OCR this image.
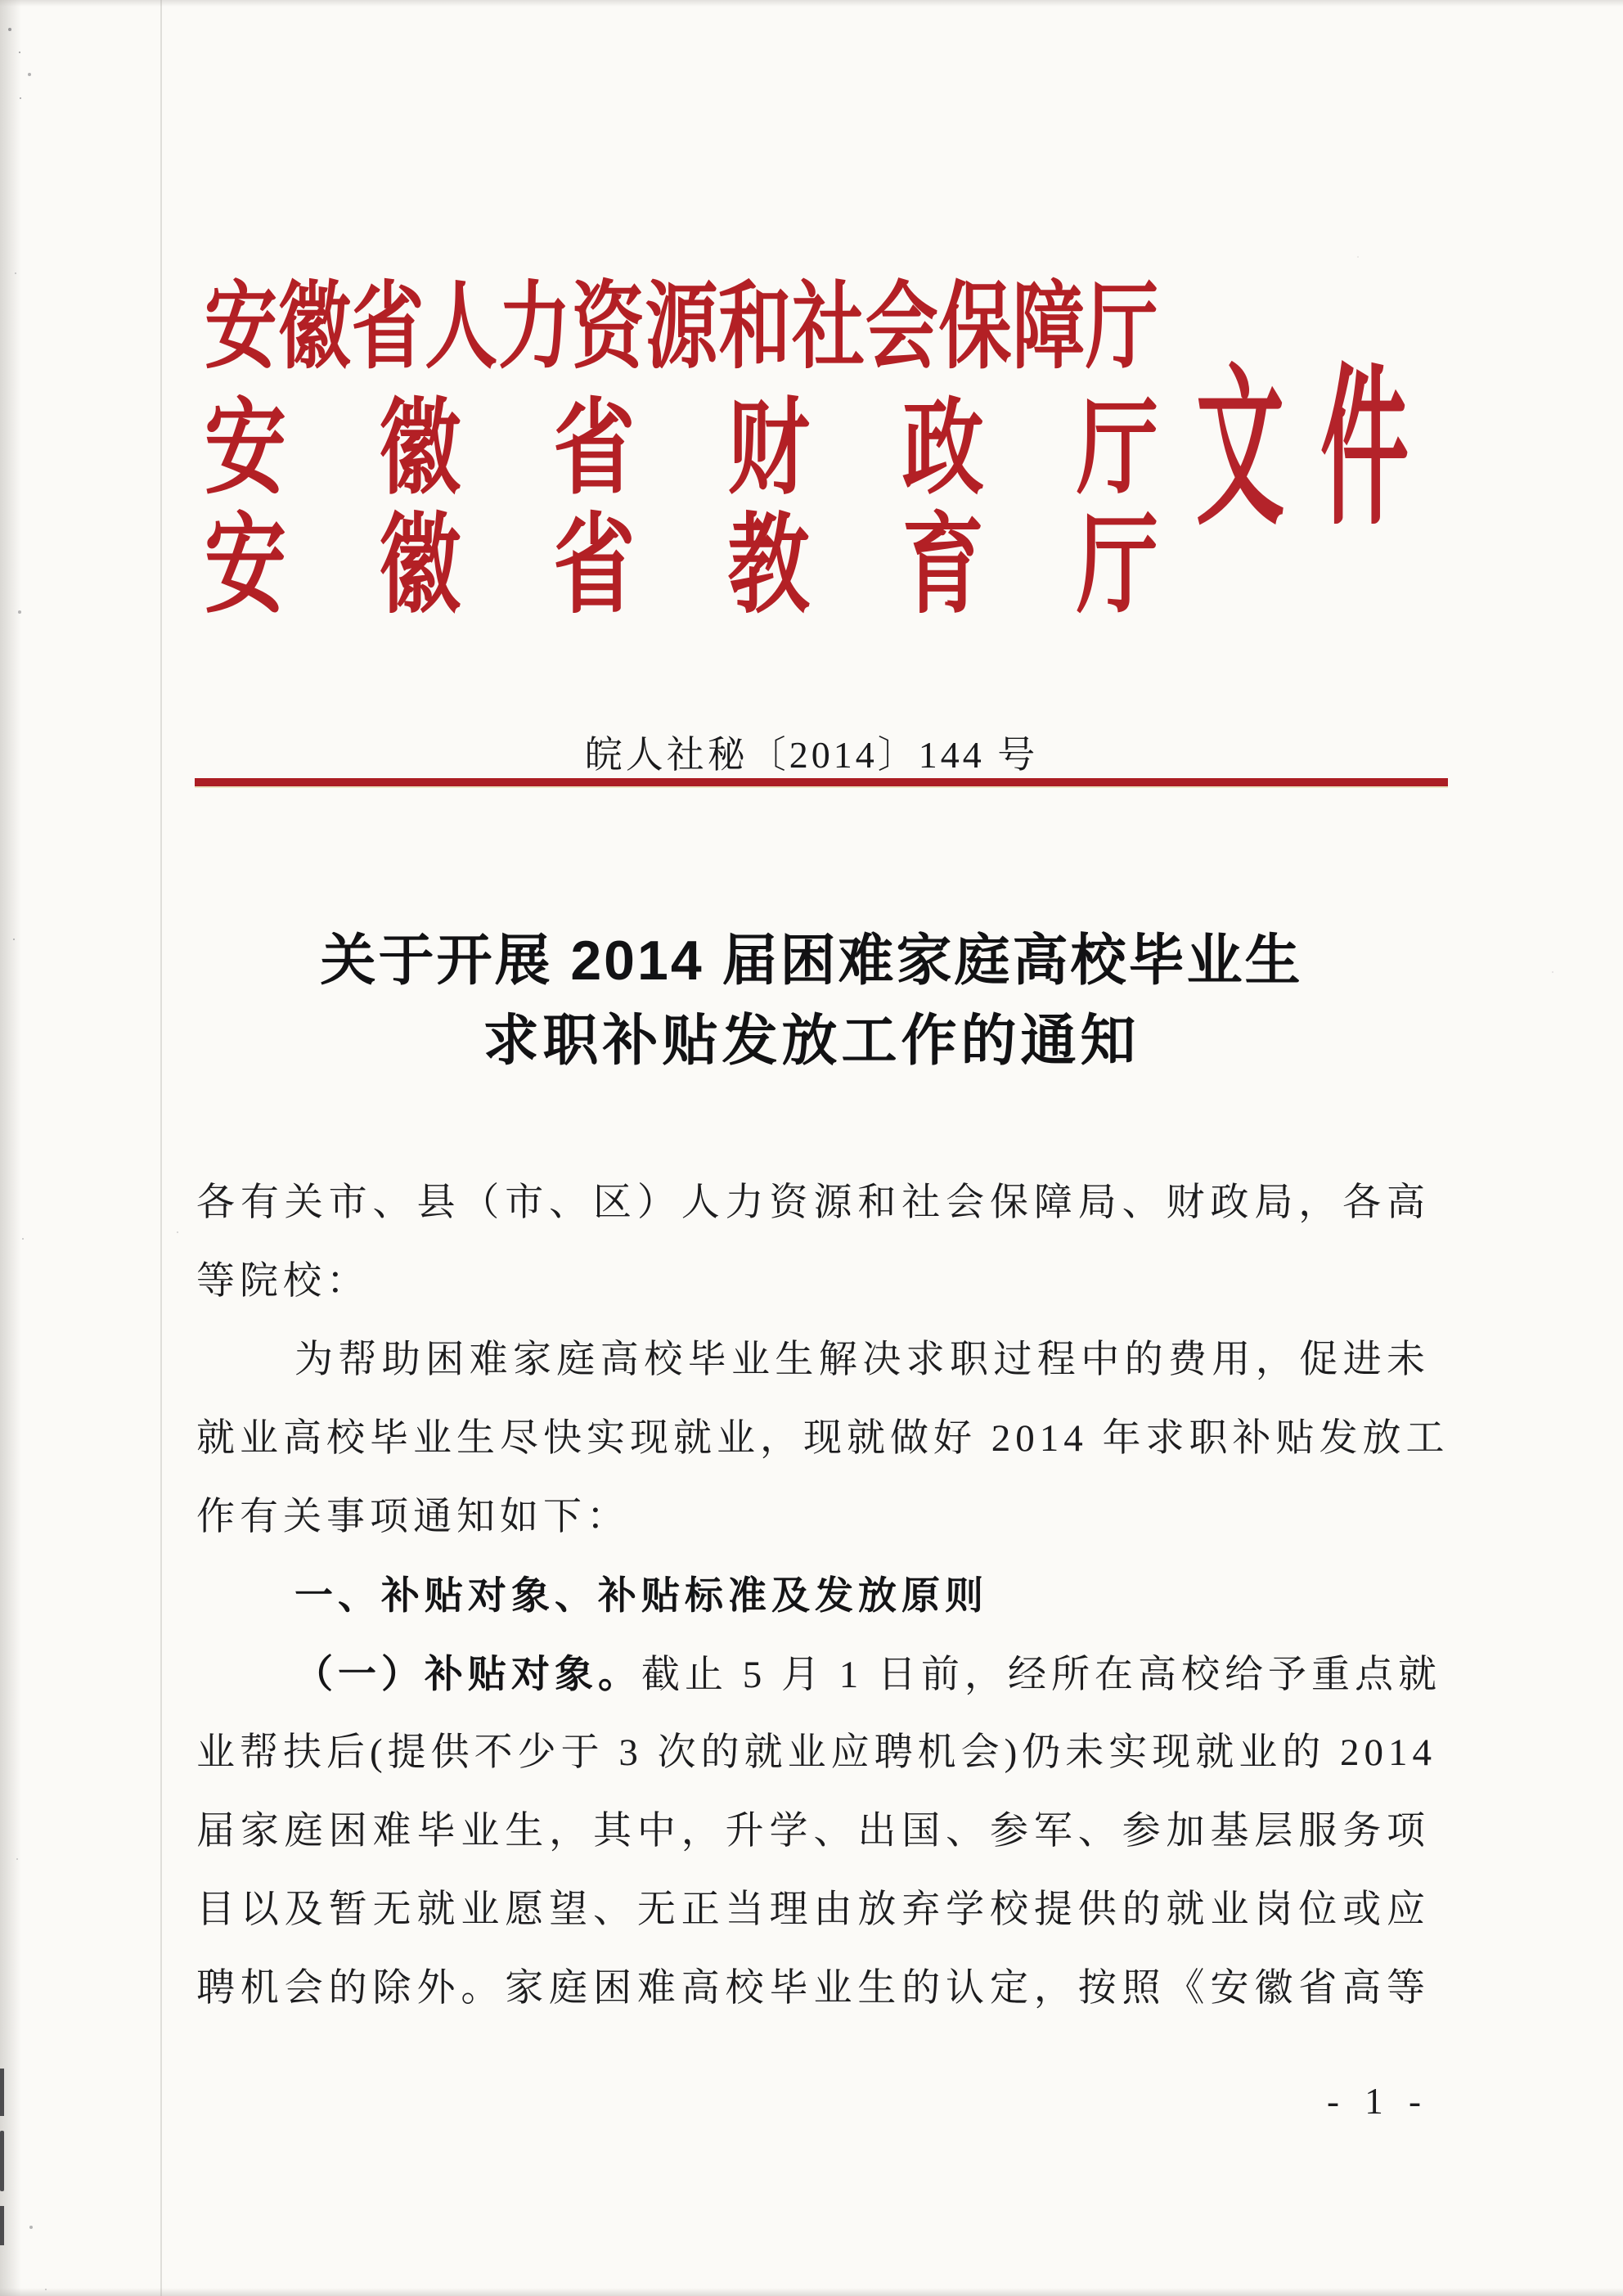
安徽省人力资源和社会保障厅
安徽省财政厅
安徽省教育厅
文件
皖人社秘〔2014〕144 号
关于开展 2014 届困难家庭高校毕业生
求职补贴发放工作的通知
各有关市、县（市、区）人力资源和社会保障局、财政局，各高
等院校：
为帮助困难家庭高校毕业生解决求职过程中的费用，促进未
就业高校毕业生尽快实现就业，现就做好 2014 年求职补贴发放工
作有关事项通知如下：
一、补贴对象、补贴标准及发放原则
（一）补贴对象。截止 5 月 1 日前，经所在高校给予重点就
业帮扶后(提供不少于 3 次的就业应聘机会)仍未实现就业的 2014
届家庭困难毕业生，其中，升学、出国、参军、参加基层服务项
目以及暂无就业愿望、无正当理由放弃学校提供的就业岗位或应
聘机会的除外。家庭困难高校毕业生的认定，按照《安徽省高等
- 1 -
